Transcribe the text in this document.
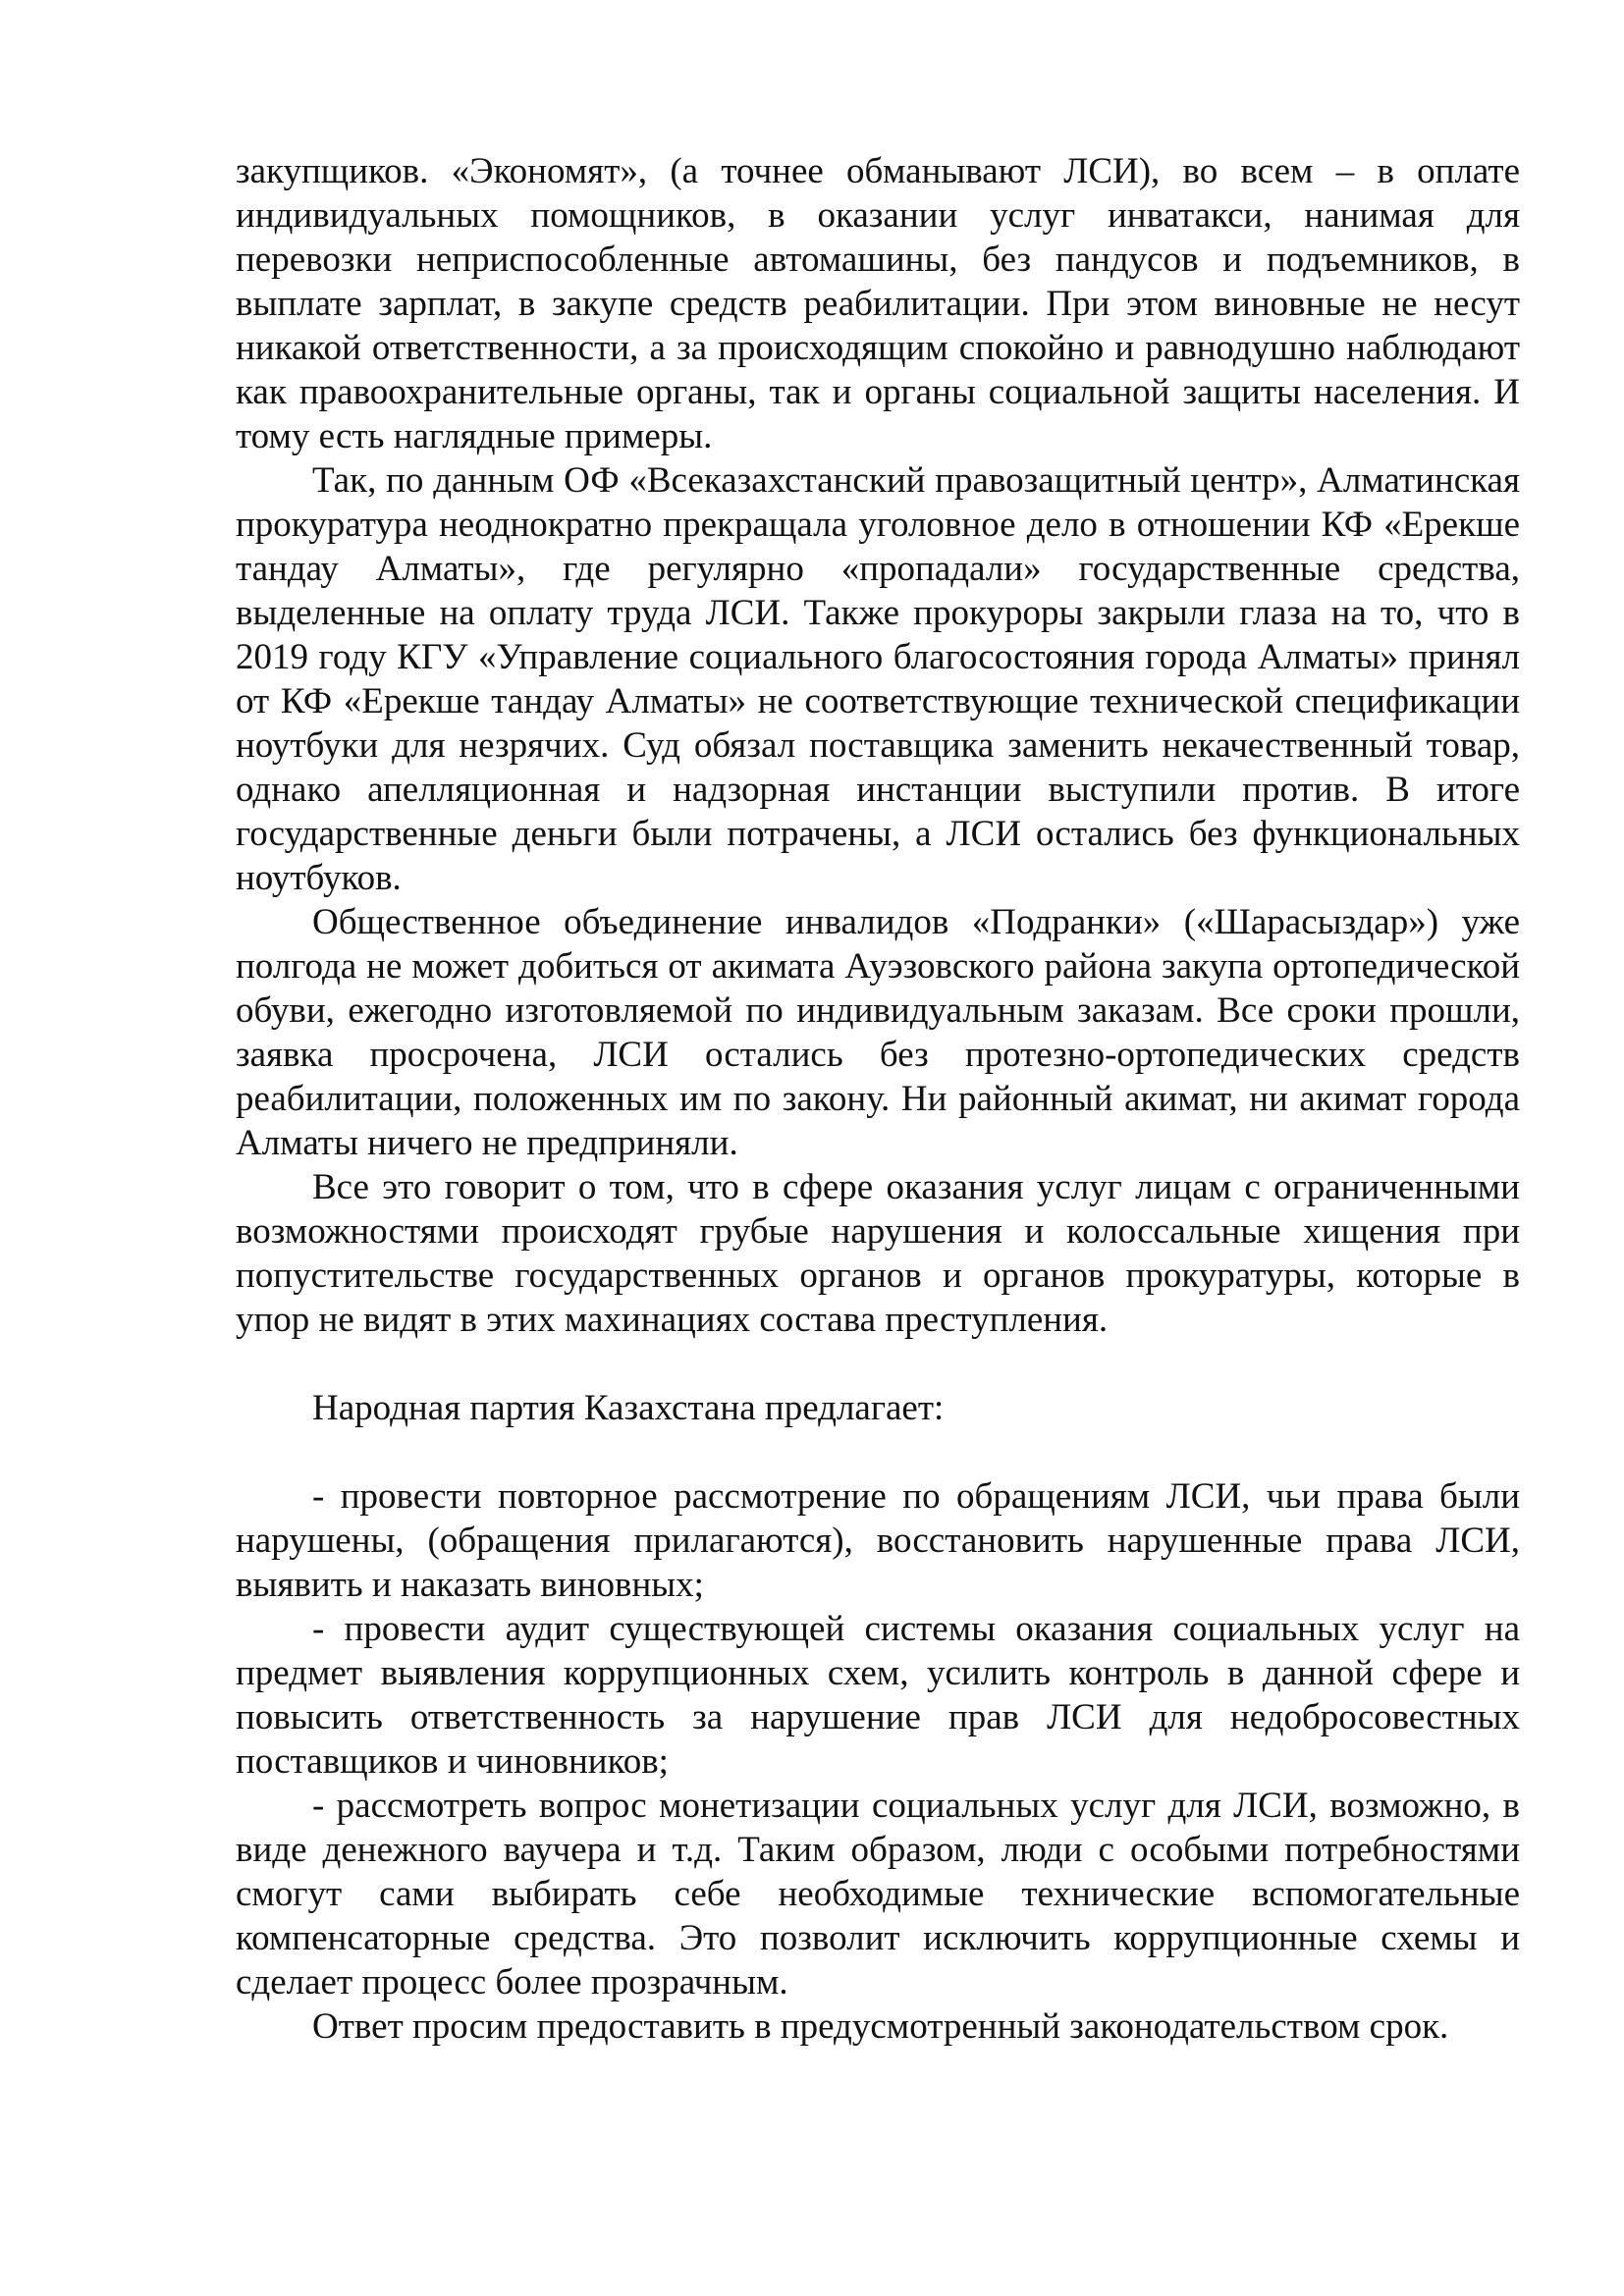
закупщиков. «Экономят», (а точнее обманывают ЛСИ), во всем – в оплате индивидуальных помощников, в оказании услуг инватакси, нанимая для перевозки неприспособленные автомашины, без пандусов и подъемников, в выплате зарплат, в закупе средств реабилитации. При этом виновные не несут никакой ответственности, а за происходящим спокойно и равнодушно наблюдают как правоохранительные органы, так и органы социальной защиты населения. И тому есть наглядные примеры.

Так, по данным ОФ «Всеказахстанский правозащитный центр», Алматинская прокуратура неоднократно прекращала уголовное дело в отношении КФ «Ерекше тандау Алматы», где регулярно «пропадали» государственные средства, выделенные на оплату труда ЛСИ. Также прокуроры закрыли глаза на то, что в 2019 году КГУ «Управление социального благосостояния города Алматы» принял от КФ «Ерекше тандау Алматы» не соответствующие технической спецификации ноутбуки для незрячих. Суд обязал поставщика заменить некачественный товар, однако апелляционная и надзорная инстанции выступили против. В итоге государственные деньги были потрачены, а ЛСИ остались без функциональных ноутбуков.

Общественное объединение инвалидов «Подранки» («Шарасыздар») уже полгода не может добиться от акимата Ауэзовского района закупа ортопедической обуви, ежегодно изготовляемой по индивидуальным заказам. Все сроки прошли, заявка просрочена, ЛСИ остались без протезно-ортопедических средств реабилитации, положенных им по закону. Ни районный акимат, ни акимат города Алматы ничего не предприняли.

Все это говорит о том, что в сфере оказания услуг лицам с ограниченными возможностями происходят грубые нарушения и колоссальные хищения при попустительстве государственных органов и органов прокуратуры, которые в упор не видят в этих махинациях состава преступления.

Народная партия Казахстана предлагает:

- провести повторное рассмотрение по обращениям ЛСИ, чьи права были нарушены, (обращения прилагаются), восстановить нарушенные права ЛСИ, выявить и наказать виновных;

- провести аудит существующей системы оказания социальных услуг на предмет выявления коррупционных схем, усилить контроль в данной сфере и повысить ответственность за нарушение прав ЛСИ для недобросовестных поставщиков и чиновников;

- рассмотреть вопрос монетизации социальных услуг для ЛСИ, возможно, в виде денежного ваучера и т.д. Таким образом, люди с особыми потребностями смогут сами выбирать себе необходимые технические вспомогательные компенсаторные средства. Это позволит исключить коррупционные схемы и сделает процесс более прозрачным.

Ответ просим предоставить в предусмотренный законодательством срок.
